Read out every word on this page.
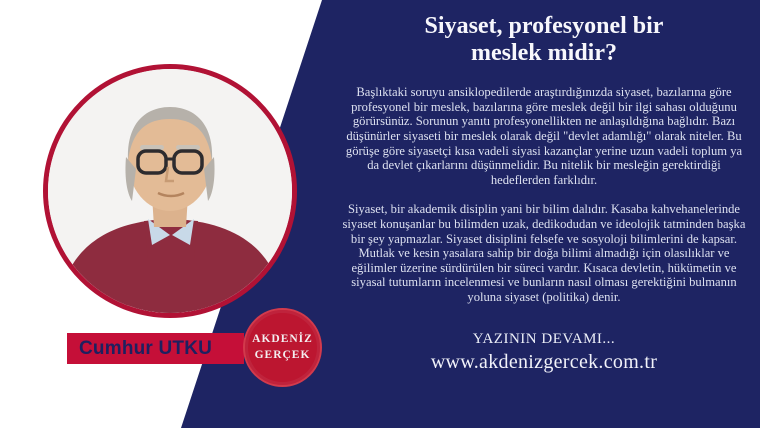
Cumhur UTKU	AKDENİZ
GERÇEK
Siyaset, profesyonel bir meslek midir?
Başlıktaki soruyu ansiklopedilerde araştırdığınızda siyaset, bazılarına göre profesyonel bir meslek, bazılarına göre meslek değil bir ilgi sahası olduğunu görürsünüz. Sorunun yanıtı profesyonellikten ne anlaşıldığına bağlıdır. Bazı düşünürler siyaseti bir meslek olarak değil "devlet adamlığı" olarak niteler. Bu görüşe göre siyasetçi kısa vadeli siyasi kazançlar yerine uzun vadeli toplum ya da devlet çıkarlarını düşünmelidir. Bu nitelik bir mesleğin gerektirdiği hedeflerden farklıdır.
Siyaset, bir akademik disiplin yani bir bilim dalıdır. Kasaba kahvehanelerinde siyaset konuşanlar bu bilimden uzak, dedikodudan ve ideolojik tatminden başka bir şey yapmazlar. Siyaset disiplini felsefe ve sosyoloji bilimlerini de kapsar. Mutlak ve kesin yasalara sahip bir doğa bilimi almadığı için olasılıklar ve eğilimler üzerine sürdürülen bir süreci vardır. Kısaca devletin, hükümetin ve siyasal tutumların incelenmesi ve bunların nasıl olması gerektiğini bulmanın yoluna siyaset (politika) denir.
YAZININ DEVAMI...
www.akdenizgercek.com.tr
